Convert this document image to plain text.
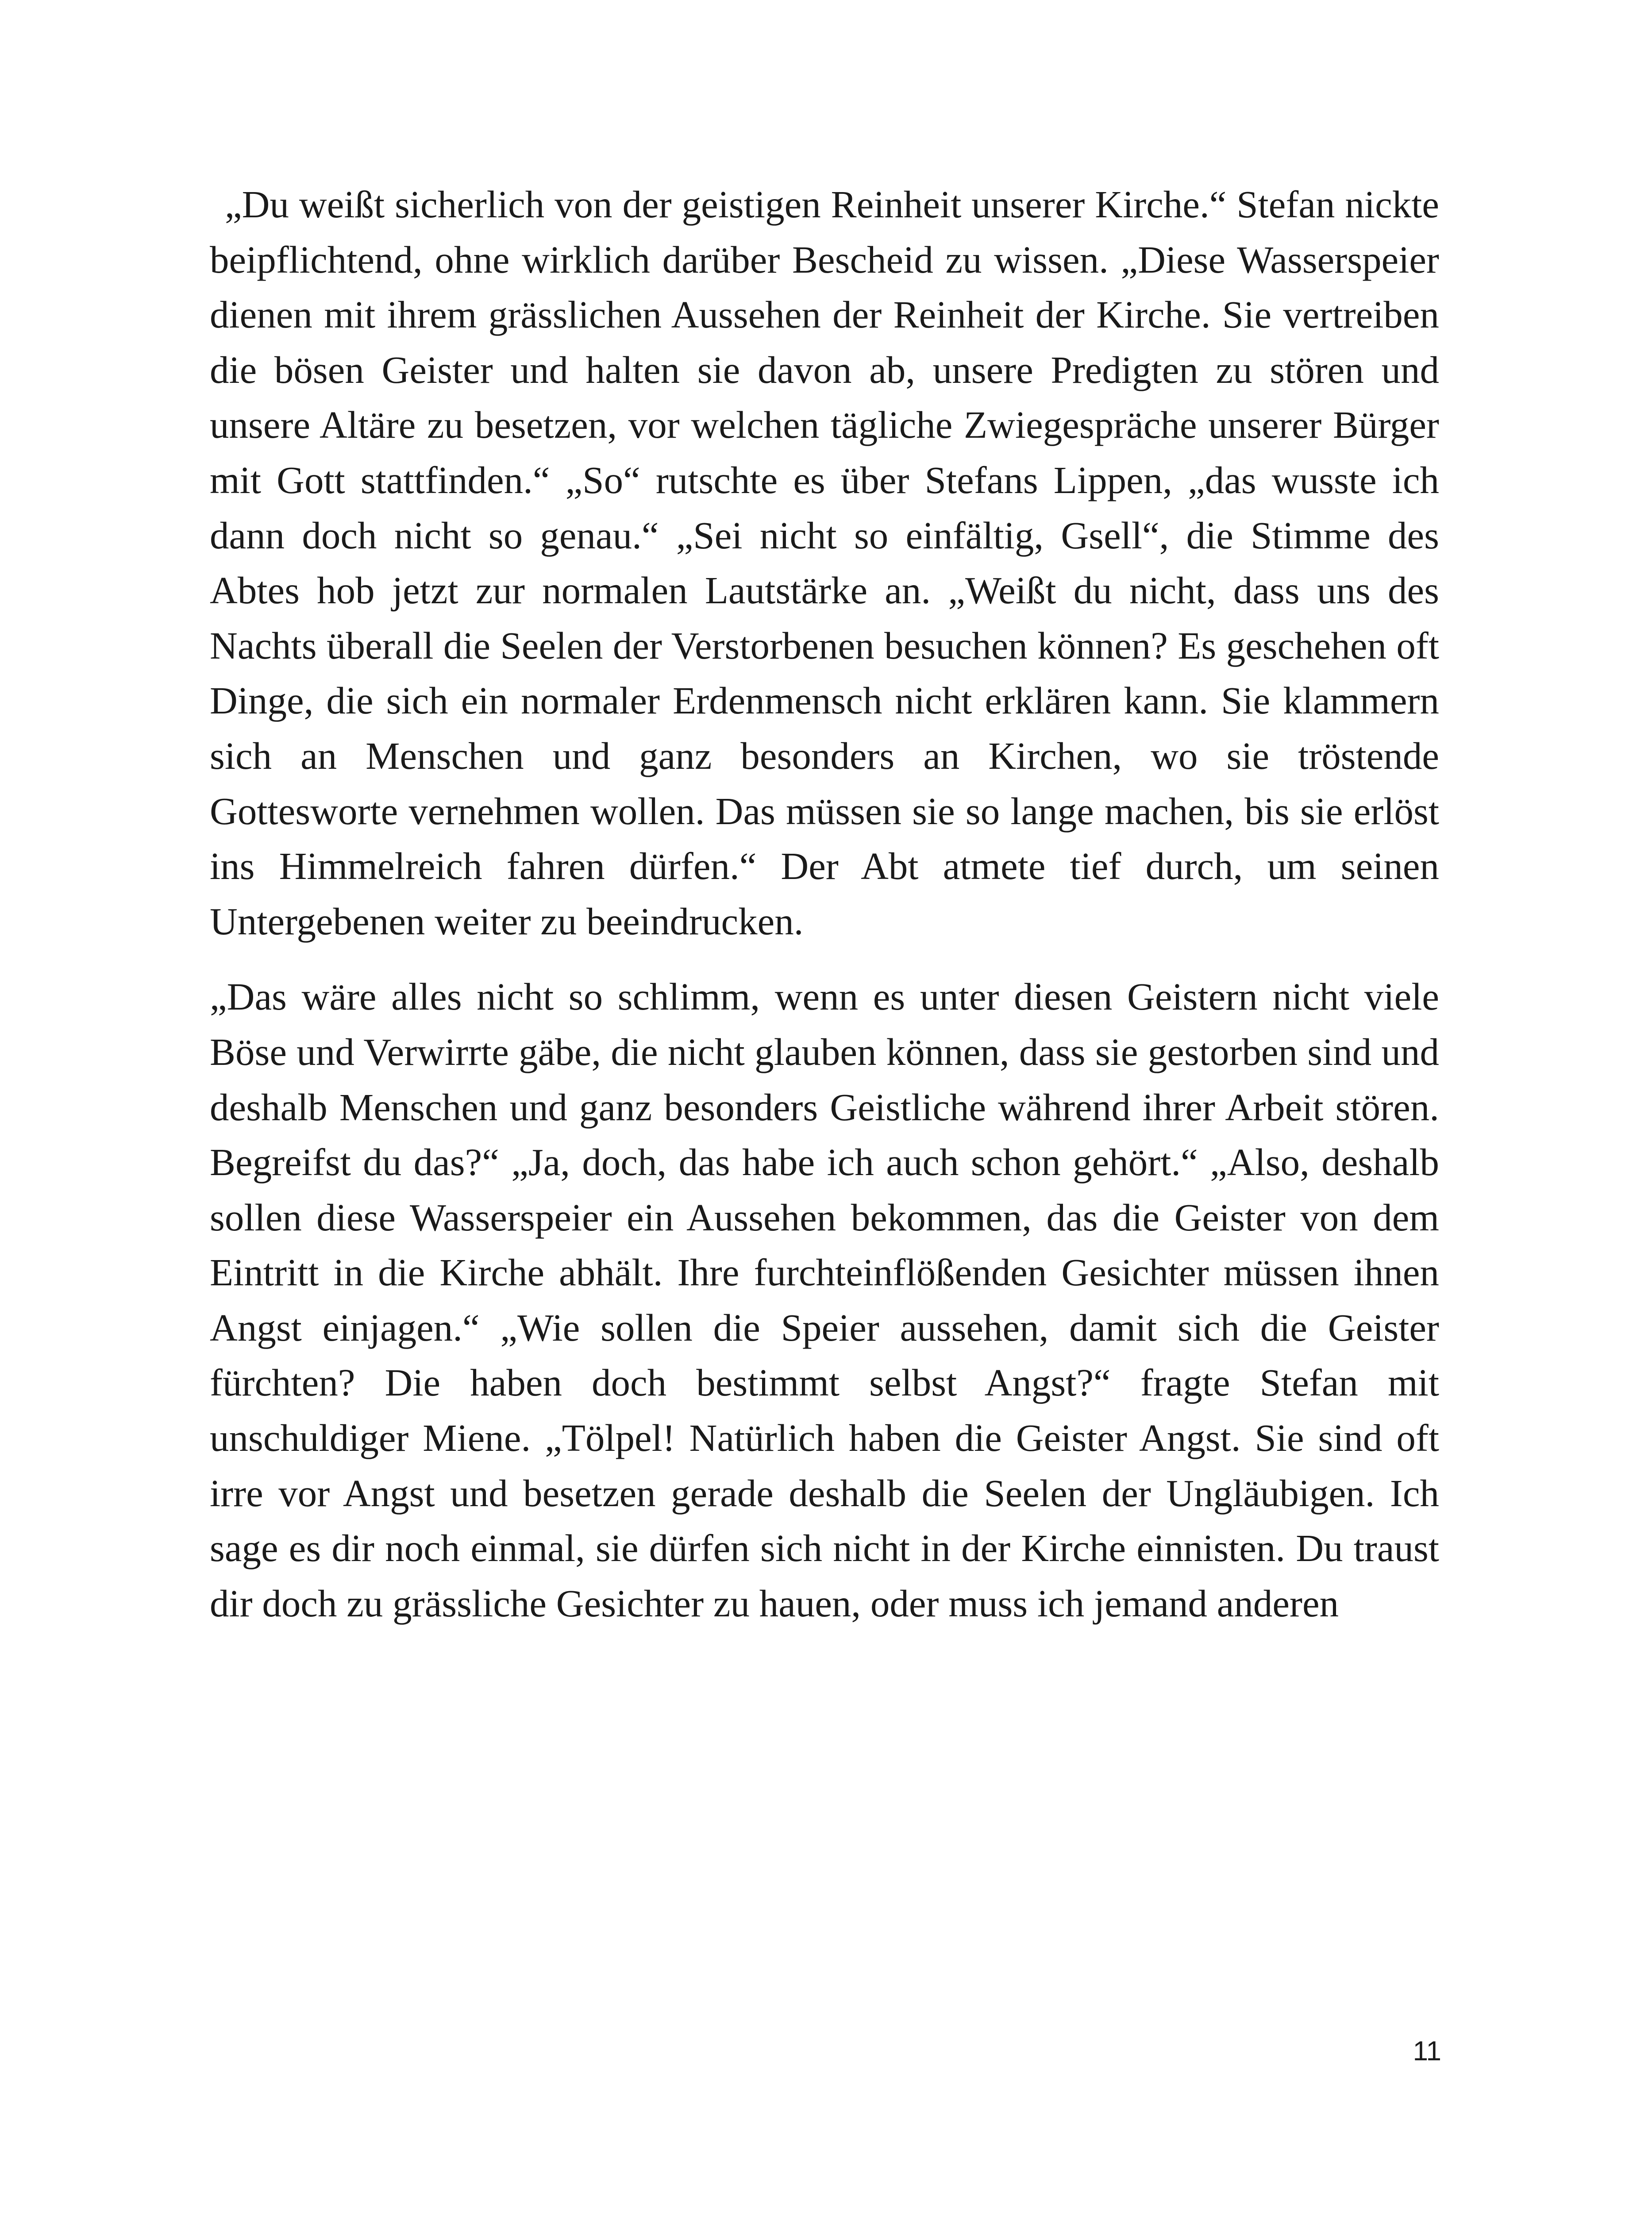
„Du weißt sicherlich von der geistigen Reinheit unserer Kirche.“ Stefan nickte beipflichtend, ohne wirklich darüber Bescheid zu wissen. „Diese Wasserspeier dienen mit ihrem grässlichen Aussehen der Reinheit der Kirche. Sie vertreiben die bösen Geister und halten sie davon ab, unsere Predigten zu stören und unsere Altäre zu besetzen, vor welchen tägliche Zwiegespräche unserer Bürger mit Gott stattfinden.“ „So“ rutschte es über Stefans Lippen, „das wusste ich dann doch nicht so genau.“ „Sei nicht so einfältig, Gsell“, die Stimme des Abtes hob jetzt zur normalen Lautstärke an. „Weißt du nicht, dass uns des Nachts überall die Seelen der Verstorbenen besuchen können? Es geschehen oft Dinge, die sich ein normaler Erdenmensch nicht erklären kann. Sie klammern sich an Menschen und ganz besonders an Kirchen, wo sie tröstende Gottesworte vernehmen wollen. Das müssen sie so lange machen, bis sie erlöst ins Himmelreich fahren dürfen.“ Der Abt atmete tief durch, um seinen Untergebenen weiter zu beeindrucken.

„Das wäre alles nicht so schlimm, wenn es unter diesen Geistern nicht viele Böse und Verwirrte gäbe, die nicht glauben können, dass sie gestorben sind und deshalb Menschen und ganz besonders Geistliche während ihrer Arbeit stören. Begreifst du das?“ „Ja, doch, das habe ich auch schon gehört.“ „Also, deshalb sollen diese Wasserspeier ein Aussehen bekommen, das die Geister von dem Eintritt in die Kirche abhält. Ihre furchteinflößenden Gesichter müssen ihnen Angst einjagen.“ „Wie sollen die Speier aussehen, damit sich die Geister fürchten? Die haben doch bestimmt selbst Angst?“ fragte Stefan mit unschuldiger Miene. „Tölpel! Natürlich haben die Geister Angst. Sie sind oft irre vor Angst und besetzen gerade deshalb die Seelen der Ungläubigen. Ich sage es dir noch einmal, sie dürfen sich nicht in der Kirche einnisten. Du traust dir doch zu grässliche Gesichter zu hauen, oder muss ich jemand anderen

11
